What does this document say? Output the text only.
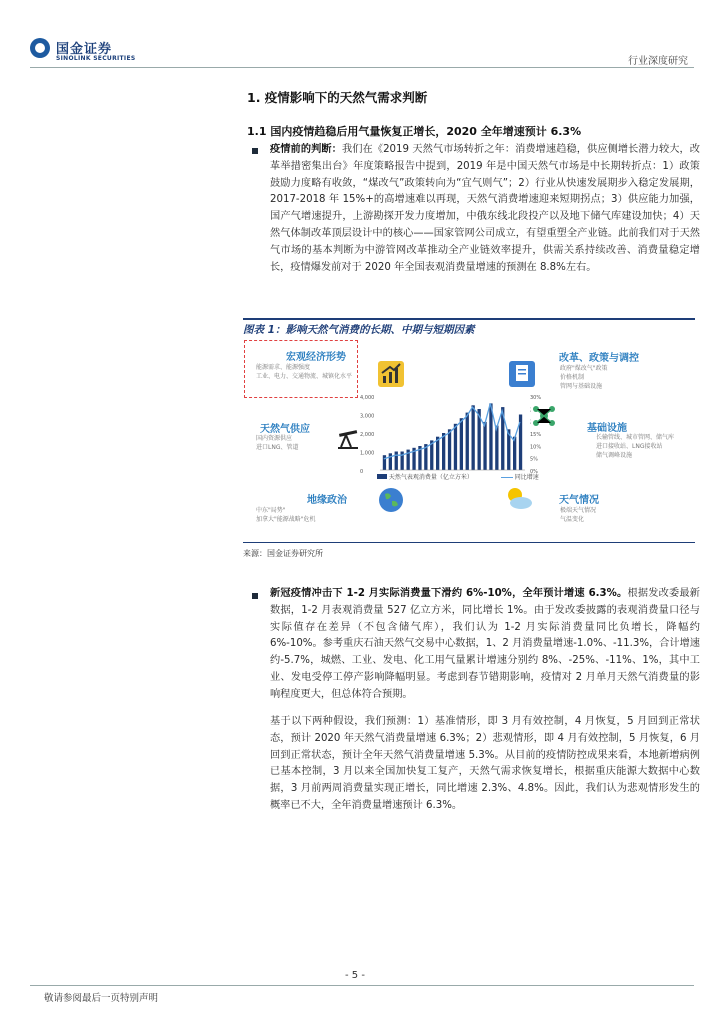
国金证券
SINOLINK SECURITIES	行业深度研究
1. 疫情影响下的天然气需求判断
1.1 国内疫情趋稳后用气量恢复正增长，2020 全年增速预计 6.3%
疫情前的判断：我们在《2019 天然气市场转折之年：消费增速趋稳，供应侧增长潜力较大，改革举措密集出台》年度策略报告中提到，2019 年是中国天然气市场是中长期转折点：1）政策鼓励力度略有收敛，“煤改气”政策转向为“宜气则气”；2）行业从快速发展期步入稳定发展期，2017-2018 年 15%+的高增速难以再现，天然气消费增速迎来短期拐点；3）供应能力加强，国产气增速提升，上游勘探开发力度增加，中俄东线北段投产以及地下储气库建设加快；4）天然气体制改革顶层设计中的核心——国家管网公司成立，有望重塑全产业链。此前我们对于天然气市场的基本判断为中游管网改革推动全产业链效率提升，供需关系持续改善、消费量稳定增长，疫情爆发前对于 2020 年全国表观消费量增速的预测在 8.8%左右。
图表 1：影响天然气消费的长期、中期与短期因素
宏观经济形势
能源需求、能源强度
工业、电力、交通物流、城镇化水平
改革、政策与调控
政府"煤改气"政策
价格机制
管网与基础设施
天然气供应
国内资源供应
进口LNG、管道
4,000
3,000
2,000
1,000
0
30%
15%
10%
5%
0%
天然气表观消费量（亿立方米）	同比增速
基础设施
长输管线、城市管网、储气库
进口接收站、LNG接收站
储气调峰设施
地缘政治
中东"局势"
加拿大"能源战略"危机
天气情况
极端天气情况
气温变化
来源：国金证券研究所
新冠疫情冲击下 1-2 月实际消费量下滑约 6%-10%，全年预计增速 6.3%。根据发改委最新数据，1-2 月表观消费量 527 亿立方米，同比增长 1%。由于发改委披露的表观消费量口径与实际值存在差异（不包含储气库），我们认为 1-2 月实际消费量同比负增长，降幅约 6%-10%。参考重庆石油天然气交易中心数据，1、2 月消费量增速-1.0%、-11.3%，合计增速约-5.7%，城燃、工业、发电、化工用气量累计增速分别约 8%、-25%、-11%、1%，其中工业、发电受停工停产影响降幅明显。考虑到春节错期影响，疫情对 2 月单月天然气消费量的影响程度更大，但总体符合预期。
基于以下两种假设，我们预测：1）基准情形，即 3 月有效控制，4 月恢复，5 月回到正常状态，预计 2020 年天然气消费量增速 6.3%；2）悲观情形，即 4 月有效控制，5 月恢复，6 月回到正常状态，预计全年天然气消费量增速 5.3%。从目前的疫情防控成果来看，本地新增病例已基本控制，3 月以来全国加快复工复产，天然气需求恢复增长，根据重庆能源大数据中心数据，3 月前两周消费量实现正增长，同比增速 2.3%、4.8%。因此，我们认为悲观情形发生的概率已不大，全年消费量增速预计 6.3%。
- 5 -
敬请参阅最后一页特别声明
